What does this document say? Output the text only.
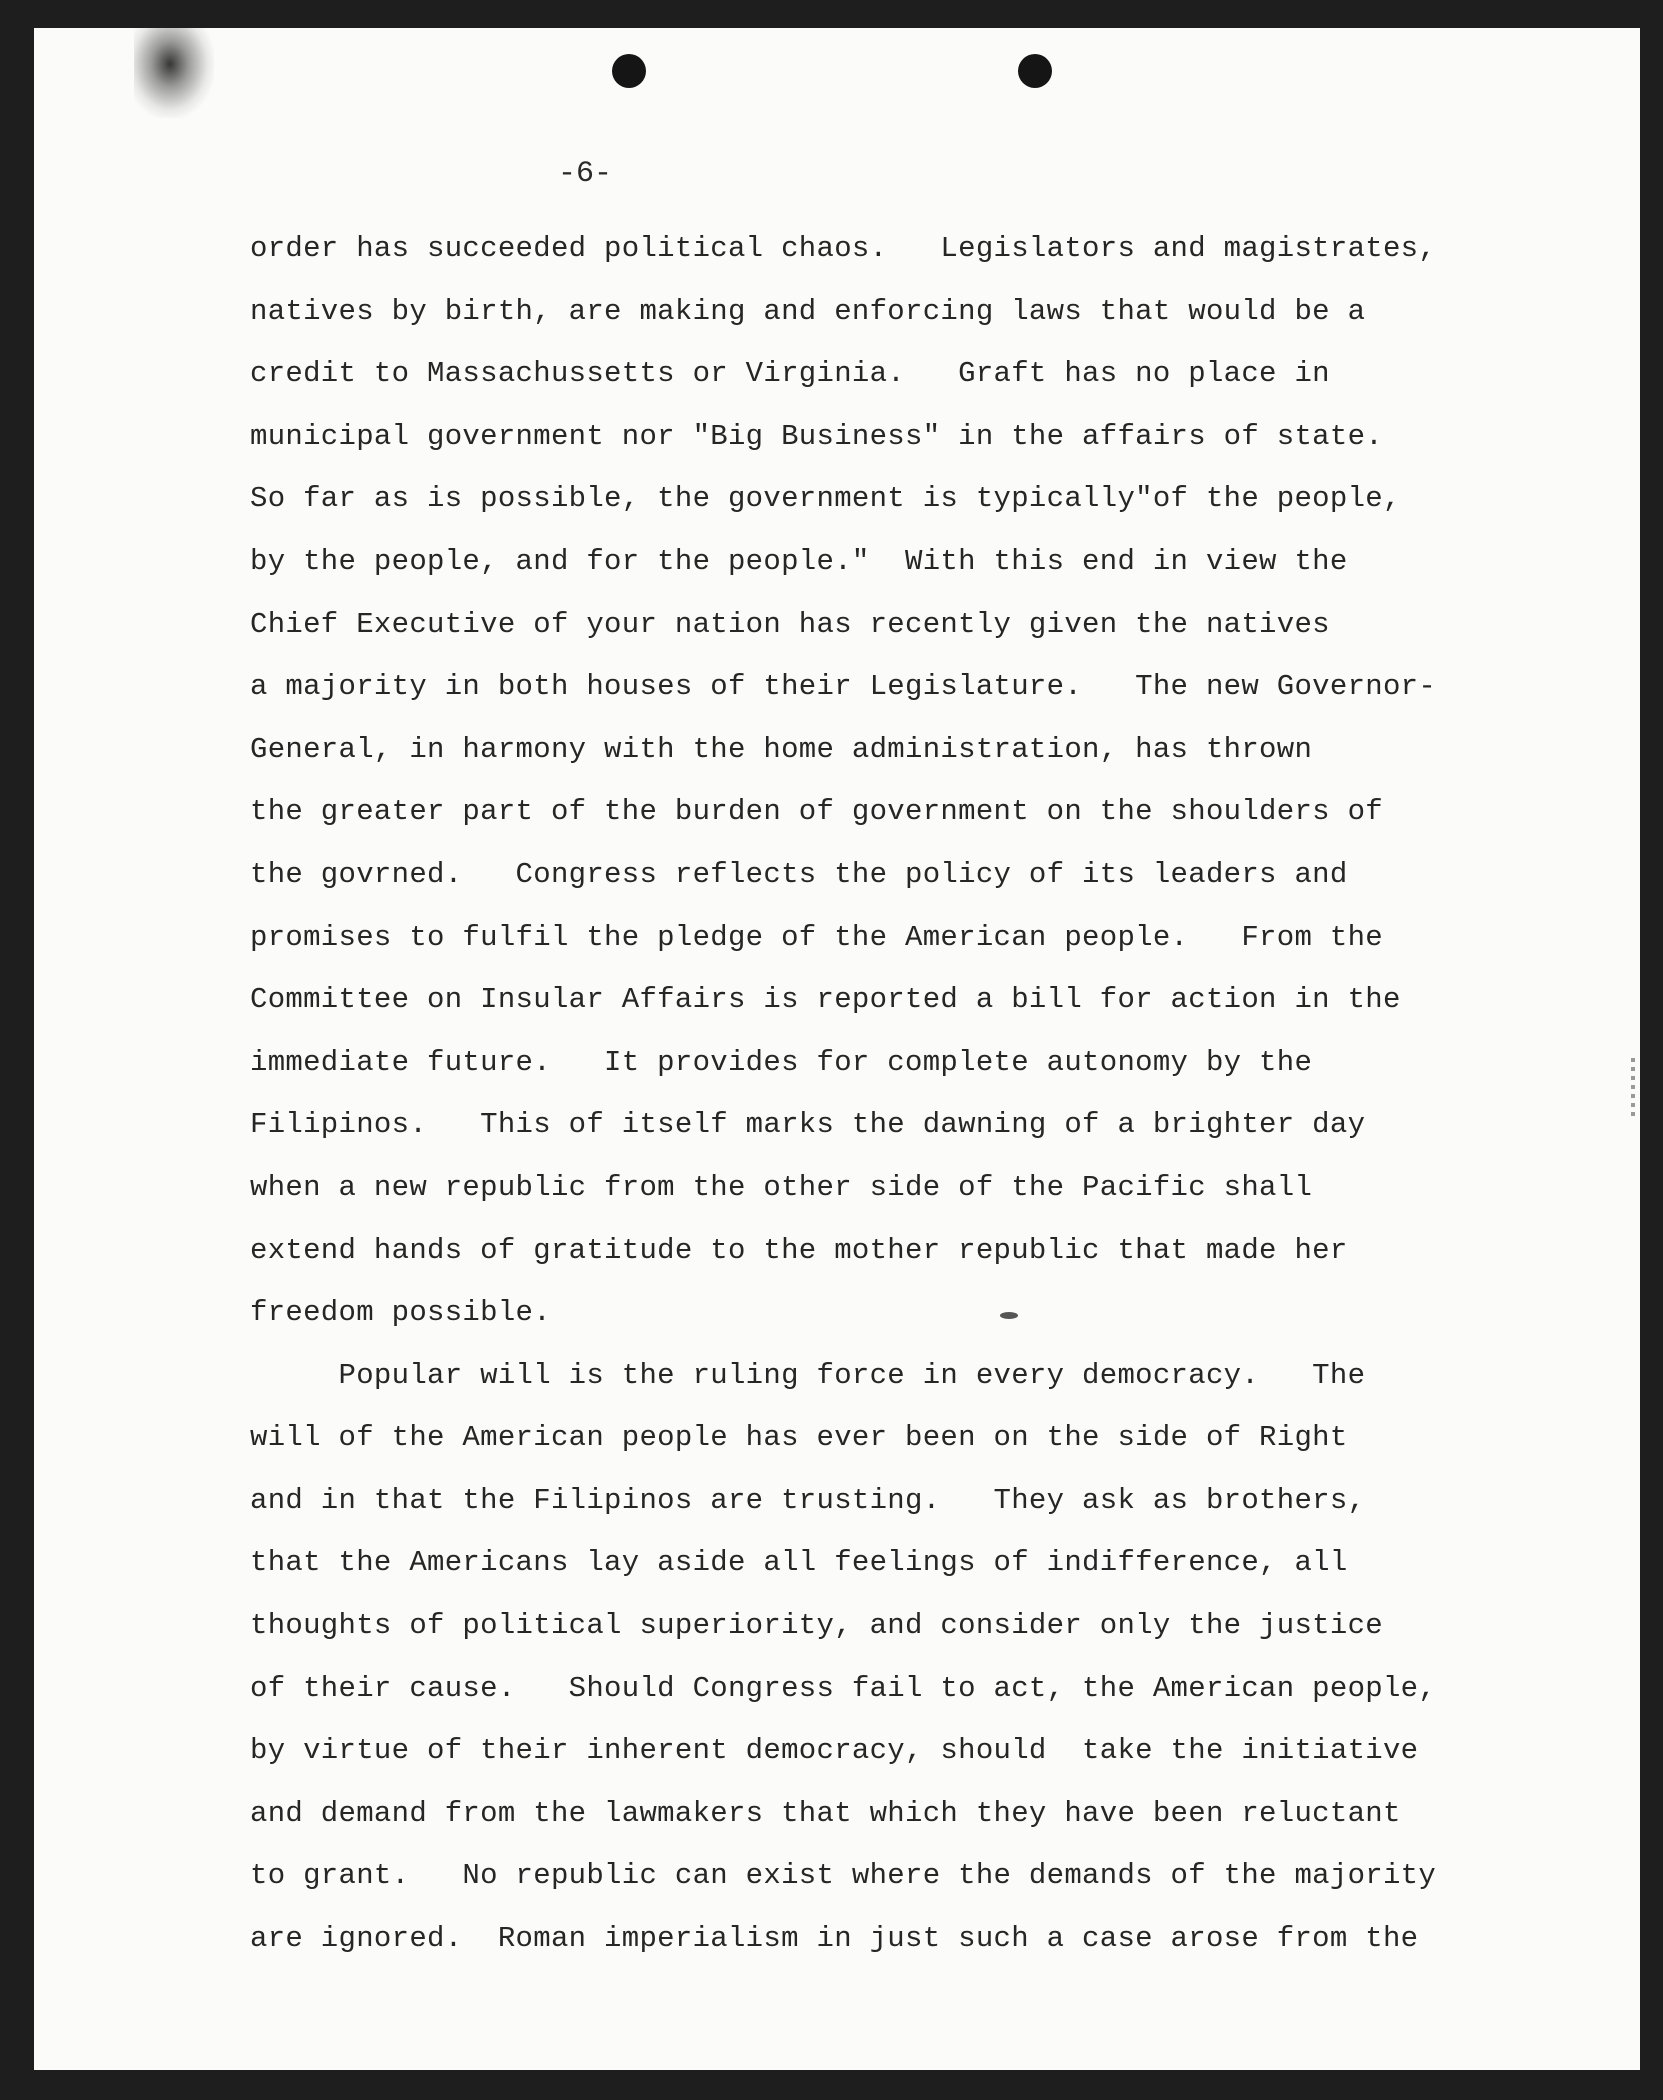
-6-
order has succeeded political chaos.   Legislators and magistrates,
natives by birth, are making and enforcing laws that would be a
credit to Massachussetts or Virginia.   Graft has no place in
municipal government nor "Big Business" in the affairs of state.
So far as is possible, the government is typically"of the people,
by the people, and for the people."  With this end in view the
Chief Executive of your nation has recently given the natives
a majority in both houses of their Legislature.   The new Governor-
General, in harmony with the home administration, has thrown
the greater part of the burden of government on the shoulders of
the govrned.   Congress reflects the policy of its leaders and
promises to fulfil the pledge of the American people.   From the
Committee on Insular Affairs is reported a bill for action in the
immediate future.   It provides for complete autonomy by the
Filipinos.   This of itself marks the dawning of a brighter day
when a new republic from the other side of the Pacific shall
extend hands of gratitude to the mother republic that made her
freedom possible.
Popular will is the ruling force in every democracy.   The
will of the American people has ever been on the side of Right
and in that the Filipinos are trusting.   They ask as brothers,
that the Americans lay aside all feelings of indifference, all
thoughts of political superiority, and consider only the justice
of their cause.   Should Congress fail to act, the American people,
by virtue of their inherent democracy, should  take the initiative
and demand from the lawmakers that which they have been reluctant
to grant.   No republic can exist where the demands of the majority
are ignored.  Roman imperialism in just such a case arose from the
